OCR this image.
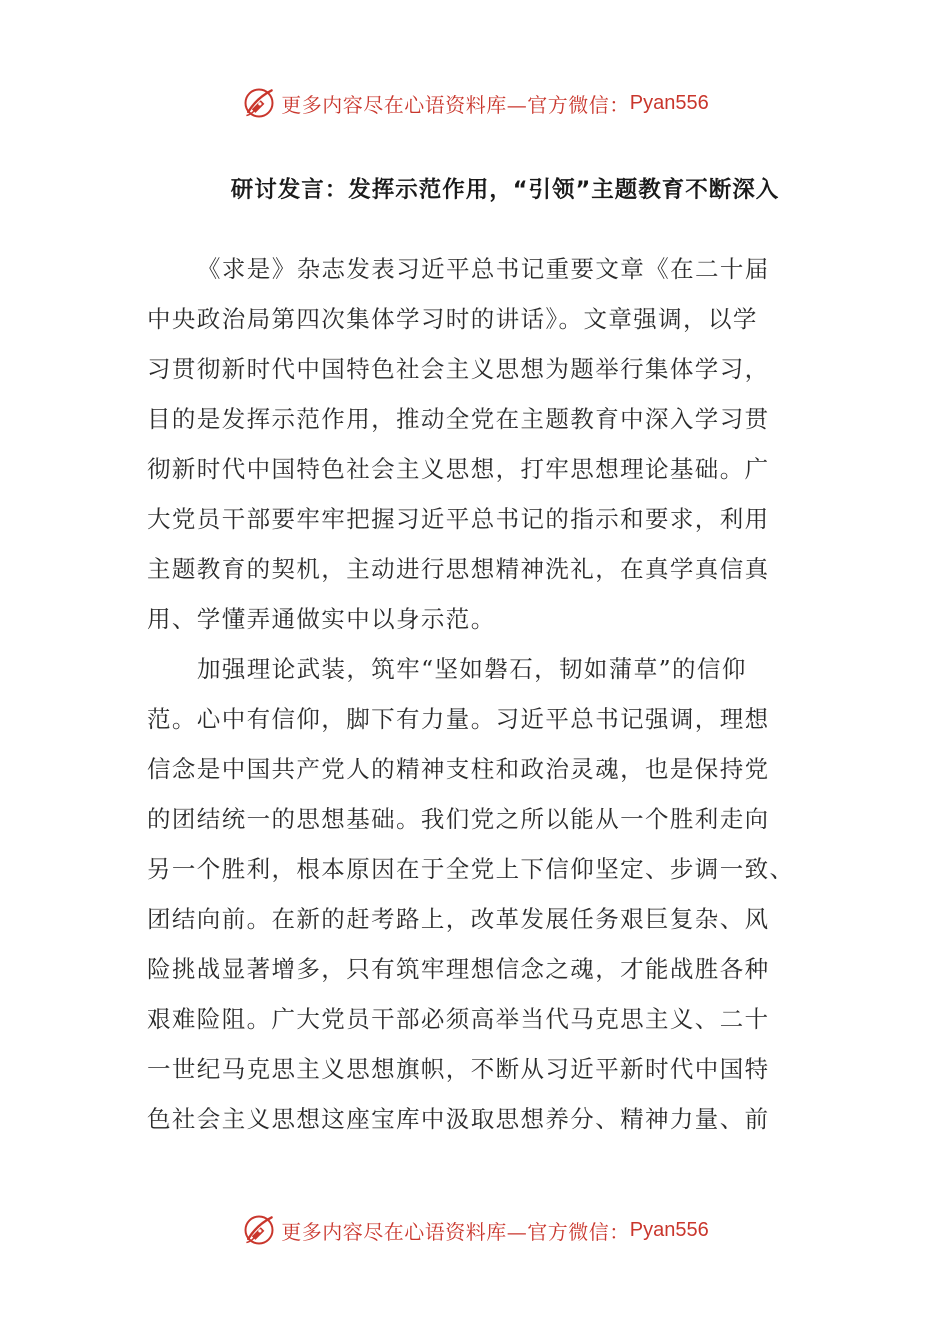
更多内容尽在心语资料库—官方微信： Pyan556
研讨发言：发挥示范作用，“引领”主题教育不断深入
《求是》杂志发表习近平总书记重要文章《在二十届
中央政治局第四次集体学习时的讲话》。文章强调，以学
习贯彻新时代中国特色社会主义思想为题举行集体学习，
目的是发挥示范作用，推动全党在主题教育中深入学习贯
彻新时代中国特色社会主义思想，打牢思想理论基础。广
大党员干部要牢牢把握习近平总书记的指示和要求，利用
主题教育的契机，主动进行思想精神洗礼，在真学真信真
用、学懂弄通做实中以身示范。
加强理论武装，筑牢“坚如磐石，韧如蒲草”的信仰
范。心中有信仰，脚下有力量。习近平总书记强调，理想
信念是中国共产党人的精神支柱和政治灵魂，也是保持党
的团结统一的思想基础。我们党之所以能从一个胜利走向
另一个胜利，根本原因在于全党上下信仰坚定、步调一致、
团结向前。在新的赶考路上，改革发展任务艰巨复杂、风
险挑战显著增多，只有筑牢理想信念之魂，才能战胜各种
艰难险阻。广大党员干部必须高举当代马克思主义、二十
一世纪马克思主义思想旗帜，不断从习近平新时代中国特
色社会主义思想这座宝库中汲取思想养分、精神力量、前
更多内容尽在心语资料库—官方微信： Pyan556
